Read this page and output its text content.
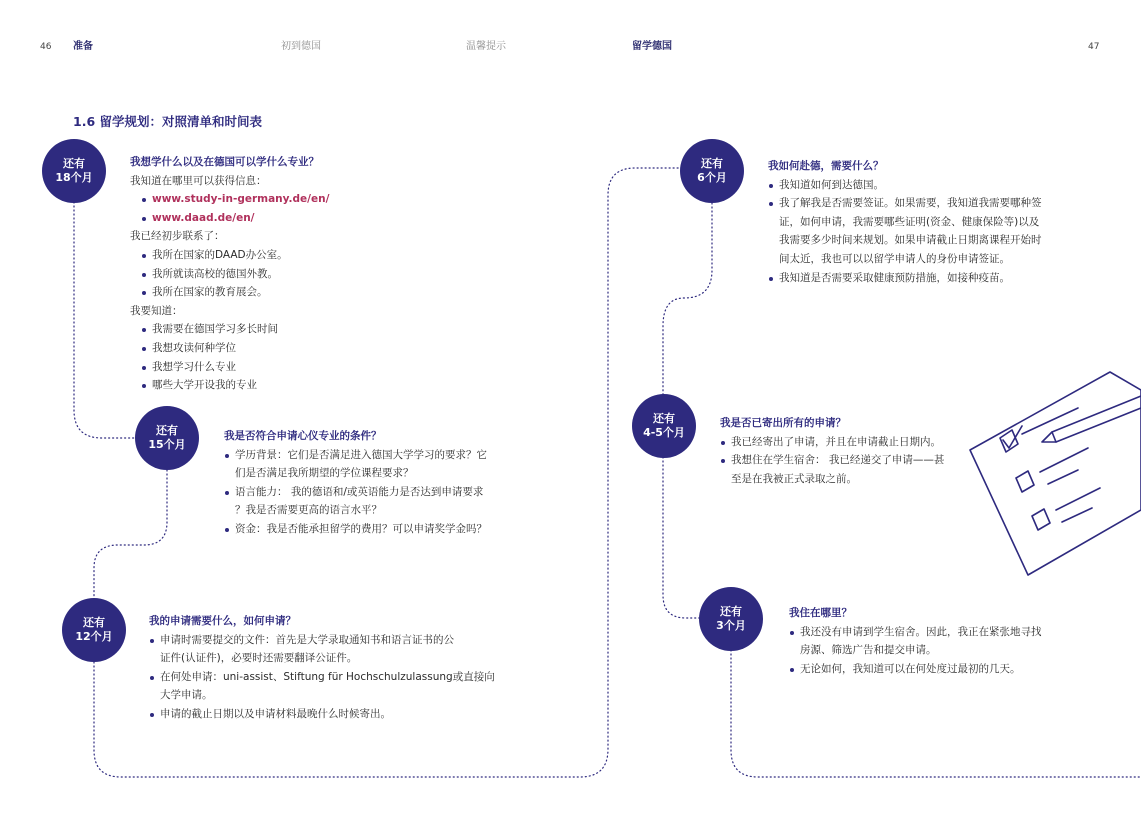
46 准备	初到德国	温馨提示	留学德国	47
1.6 留学规划：对照清单和时间表
还有
18个月
我想学什么以及在德国可以学什么专业？

我知道在哪里可以获得信息：

www.study-in-germany.de/en/
www.daad.de/en/

我已经初步联系了：

我所在国家的DAAD办公室。
我所就读高校的德国外教。
我所在国家的教育展会。

我要知道：

我需要在德国学习多长时间
我想攻读何种学位
我想学习什么专业
哪些大学开设我的专业
还有
15个月
我是否符合申请心仪专业的条件？
学历背景：它们是否满足进入德国大学学习的要求？它
们是否满足我所期望的学位课程要求？
语言能力： 我的德语和/或英语能力是否达到申请要求
？我是否需要更高的语言水平？
资金：我是否能承担留学的费用？可以申请奖学金吗？
还有
12个月
我的申请需要什么，如何申请？
申请时需要提交的文件：首先是大学录取通知书和语言证书的公
证件(认证件)，必要时还需要翻译公证件。
在何处申请：uni-assist、Stiftung für Hochschulzulassung或直接向
大学申请。
申请的截止日期以及申请材料最晚什么时候寄出。
还有
6个月
我如何赴德，需要什么？
我知道如何到达德国。
我了解我是否需要签证。如果需要，我知道我需要哪种签
证，如何申请，我需要哪些证明(资金、健康保险等)以及
我需要多少时间来规划。如果申请截止日期离课程开始时
间太近，我也可以以留学申请人的身份申请签证。
我知道是否需要采取健康预防措施，如接种疫苗。
还有
4-5个月
我是否已寄出所有的申请？
我已经寄出了申请，并且在申请截止日期内。
我想住在学生宿舍： 我已经递交了申请——甚
至是在我被正式录取之前。
还有
3个月
我住在哪里？
我还没有申请到学生宿舍。因此，我正在紧张地寻找
房源、筛选广告和提交申请。
无论如何，我知道可以在何处度过最初的几天。
